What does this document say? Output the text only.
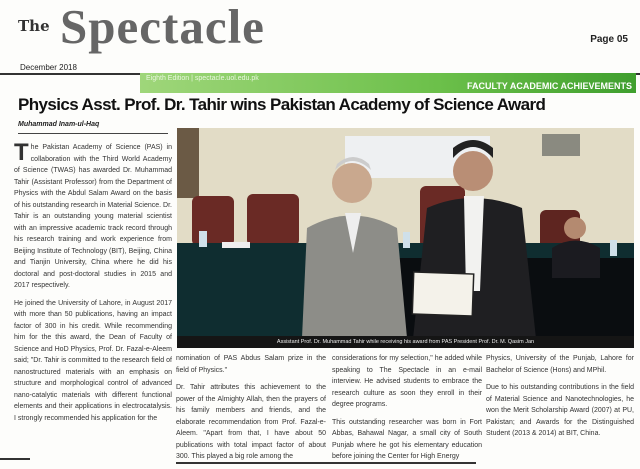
The Spectacle	Page 05
December 2018
Eighth Edition | spectacle.uol.edu.pk
FACULTY ACADEMIC ACHIEVEMENTS
Physics Asst. Prof. Dr. Tahir wins Pakistan Academy of Science Award
Muhammad Inam-ul-Haq

The Pakistan Academy of Science (PAS) in collaboration with the Third World Academy of Science (TWAS) has awarded Dr. Muhammad Tahir (Assistant Professor) from the Department of Physics with the Abdul Salam Award on the basis of his outstanding research in Material Science. Dr. Tahir is an outstanding young material scientist with an impressive academic track record through his research training and work experience from Beijing Institute of Technology (BIT), Beijing, China and Tianjin University, China where he did his doctoral and post-doctoral studies in 2015 and 2017 respectively.

He joined the University of Lahore, in August 2017 with more than 50 publications, having an impact factor of 300 in his credit. While recommending him for the this award, the Dean of Faculty of Science and HoD Physics, Prof. Dr. Fazal-e-Aleem said; "Dr. Tahir is committed to the research field of nanostructured materials with an emphasis on structure and morphological control of advanced nano-catalytic materials with different functional elements and their applications in electrocatalysis. I strongly recommended his application for the

Assistant Prof. Dr. Muhammad Tahir while receiving his award from PAS President Prof. Dr. M. Qasim Jan

nomination of PAS Abdus Salam prize in the field of Physics."

Dr. Tahir attributes this achievement to the power of the Almighty Allah, then the prayers of his family members and friends, and the elaborate recommendation from Prof. Fazal-e-Aleem. "Apart from that, I have about 50 publications with total impact factor of about 300. This played a big role among the

considerations for my selection," he added while speaking to The Spectacle in an e-mail interview. He advised students to embrace the research culture as soon they enroll in their degree programs.

This outstanding researcher was born in Fort Abbas, Bahawal Nagar, a small city of South Punjab where he got his elementary education before joining the Center for High Energy

Physics, University of the Punjab, Lahore for Bachelor of Science (Hons) and MPhil.

Due to his outstanding contributions in the field of Material Science and Nanotechnologies, he won the Merit Scholarship Award (2007) at PU, Pakistan; and Awards for the Distinguished Student (2013 & 2014) at BIT, China.
